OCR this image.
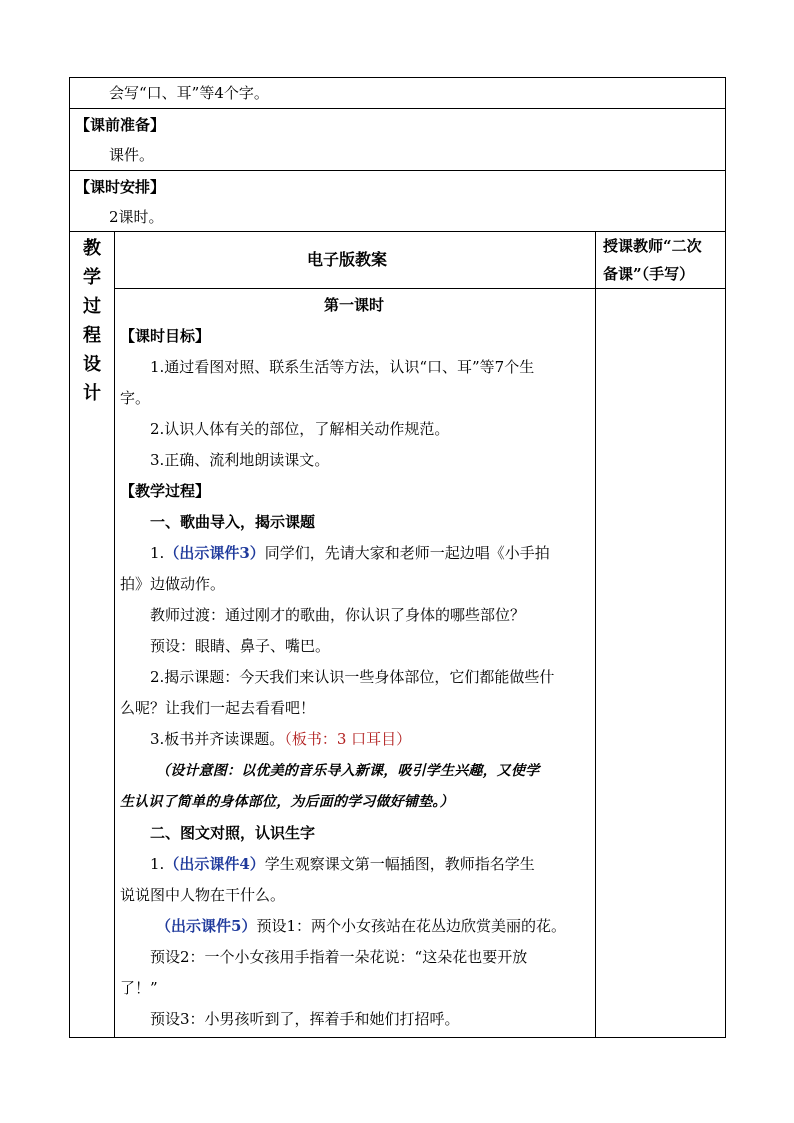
会写“口、耳”等4个字。
【课前准备】
课件。
【课时安排】
2课时。
教
学
过
程
设
计
电子版教案
授课教师“二次
备课”（手写）
第一课时
【课时目标】
1.通过看图对照、联系生活等方法，认识“口、耳”等7个生
字。
2.认识人体有关的部位，了解相关动作规范。
3.正确、流利地朗读课文。
【教学过程】
一、歌曲导入，揭示课题
1.（出示课件3）同学们，先请大家和老师一起边唱《小手拍
拍》边做动作。
教师过渡：通过刚才的歌曲，你认识了身体的哪些部位？
预设：眼睛、鼻子、嘴巴。
2.揭示课题：今天我们来认识一些身体部位，它们都能做些什
么呢？让我们一起去看看吧！
3.板书并齐读课题。（板书：3 口耳目）
（设计意图：以优美的音乐导入新课，吸引学生兴趣，又使学
生认识了简单的身体部位，为后面的学习做好铺垫。）
二、图文对照，认识生字
1.（出示课件4）学生观察课文第一幅插图，教师指名学生
说说图中人物在干什么。
（出示课件5）预设1：两个小女孩站在花丛边欣赏美丽的花。
预设2：一个小女孩用手指着一朵花说：“这朵花也要开放
了！”
预设3：小男孩听到了，挥着手和她们打招呼。
